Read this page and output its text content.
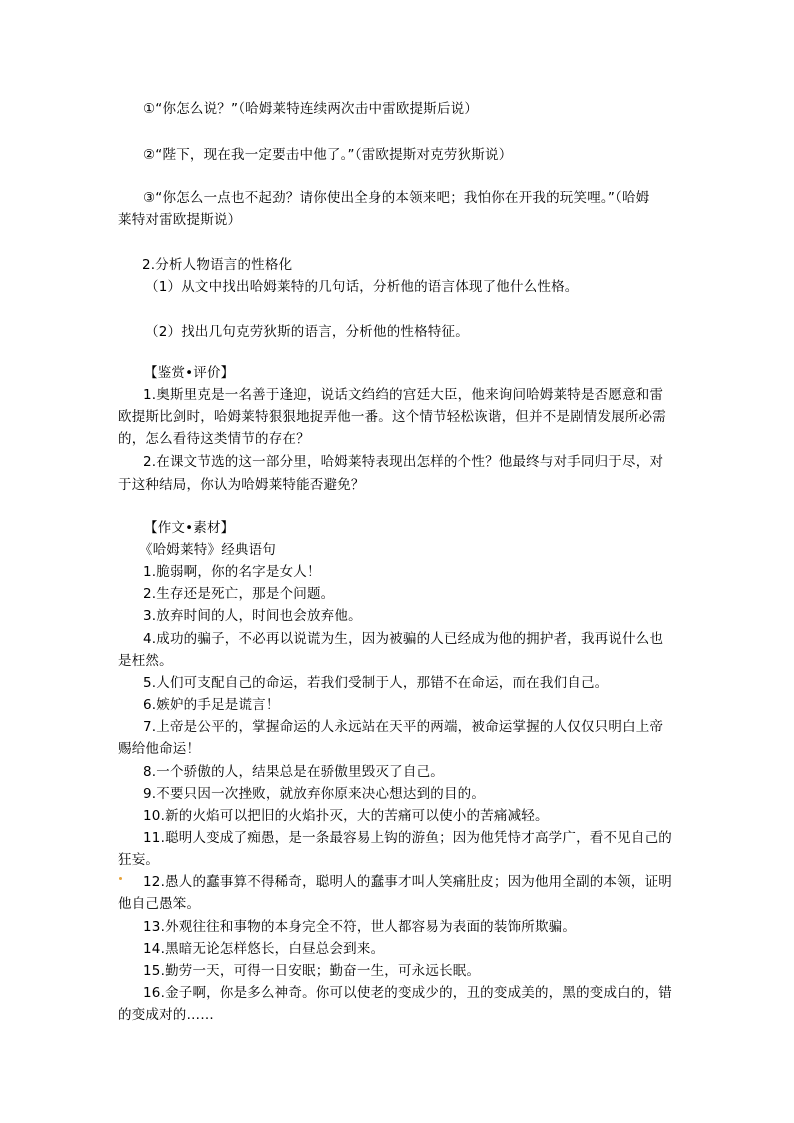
①“你怎么说？”（哈姆莱特连续两次击中雷欧提斯后说）
②“陛下，现在我一定要击中他了。”（雷欧提斯对克劳狄斯说）
③“你怎么一点也不起劲？请你使出全身的本领来吧；我怕你在开我的玩笑哩。”（哈姆
莱特对雷欧提斯说）
2.分析人物语言的性格化
（1）从文中找出哈姆莱特的几句话，分析他的语言体现了他什么性格。
（2）找出几句克劳狄斯的语言，分析他的性格特征。
【鉴赏•评价】
1.奥斯里克是一名善于逢迎，说话文绉绉的宫廷大臣，他来询问哈姆莱特是否愿意和雷
欧提斯比剑时，哈姆莱特狠狠地捉弄他一番。这个情节轻松诙谐，但并不是剧情发展所必需
的，怎么看待这类情节的存在？
2.在课文节选的这一部分里，哈姆莱特表现出怎样的个性？他最终与对手同归于尽，对
于这种结局，你认为哈姆莱特能否避免？
【作文•素材】
《哈姆莱特》经典语句
1.脆弱啊，你的名字是女人！
2.生存还是死亡，那是个问题。
3.放弃时间的人，时间也会放弃他。
4.成功的骗子，不必再以说谎为生，因为被骗的人已经成为他的拥护者，我再说什么也
是枉然。
5.人们可支配自己的命运，若我们受制于人，那错不在命运，而在我们自己。
6.嫉妒的手足是谎言！
7.上帝是公平的，掌握命运的人永远站在天平的两端，被命运掌握的人仅仅只明白上帝
赐给他命运！
8.一个骄傲的人，结果总是在骄傲里毁灭了自己。
9.不要只因一次挫败，就放弃你原来决心想达到的目的。
10.新的火焰可以把旧的火焰扑灭，大的苦痛可以使小的苦痛减轻。
11.聪明人变成了痴愚，是一条最容易上钩的游鱼；因为他凭恃才高学广，看不见自己的
狂妄。
12.愚人的蠢事算不得稀奇，聪明人的蠢事才叫人笑痛肚皮；因为他用全副的本领，证明
他自己愚笨。
13.外观往往和事物的本身完全不符，世人都容易为表面的装饰所欺骗。
14.黑暗无论怎样悠长，白昼总会到来。
15.勤劳一天，可得一日安眠；勤奋一生，可永远长眠。
16.金子啊，你是多么神奇。你可以使老的变成少的，丑的变成美的，黑的变成白的，错
的变成对的……
